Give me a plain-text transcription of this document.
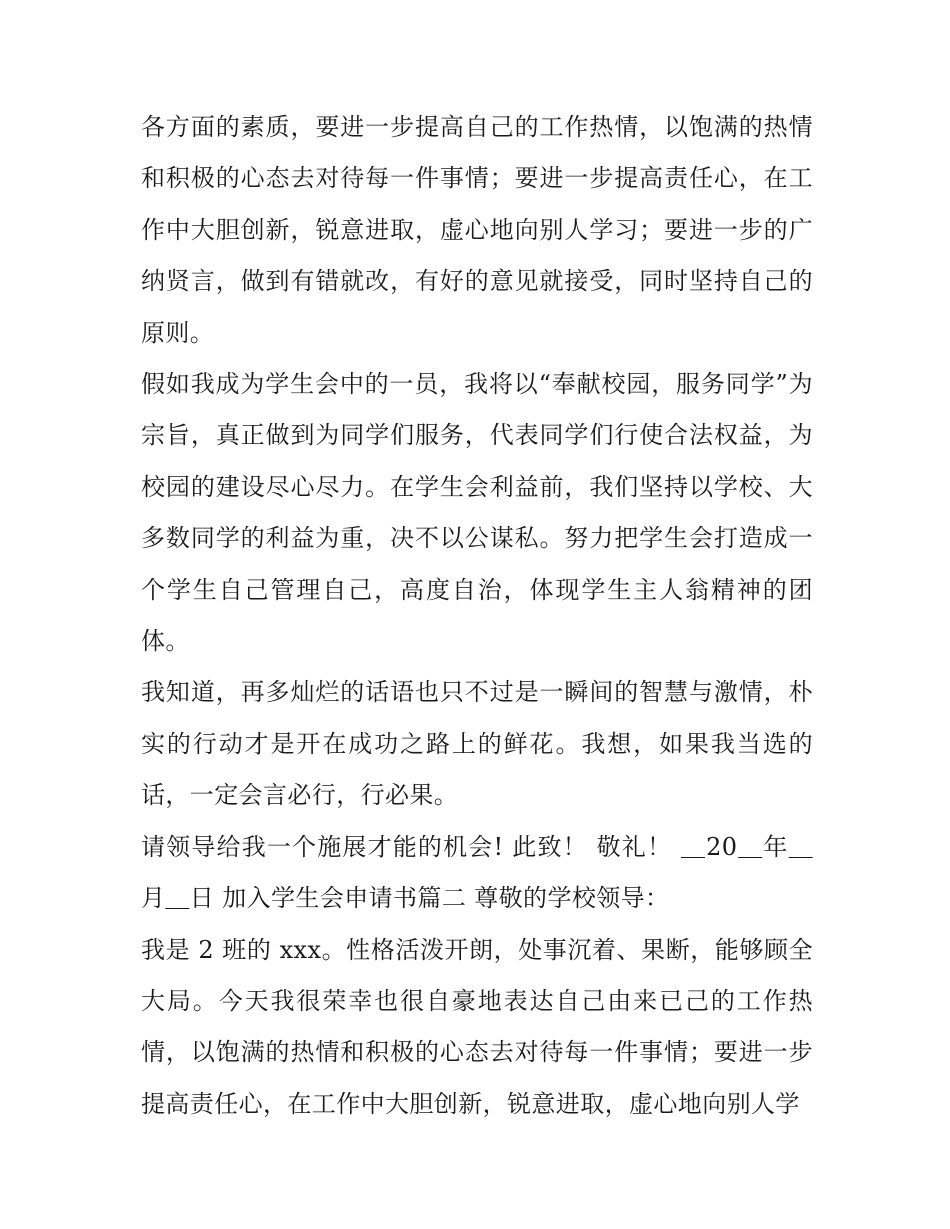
各方面的素质，要进一步提高自己的工作热情，以饱满的热情和积极的心态去对待每一件事情；要进一步提高责任心，在工作中大胆创新，锐意进取，虚心地向别人学习；要进一步的广纳贤言，做到有错就改，有好的意见就接受，同时坚持自己的原则。

假如我成为学生会中的一员，我将以“奉献校园，服务同学”为宗旨，真正做到为同学们服务，代表同学们行使合法权益，为校园的建设尽心尽力。在学生会利益前，我们坚持以学校、大多数同学的利益为重，决不以公谋私。努力把学生会打造成一个学生自己管理自己，高度自治，体现学生主人翁精神的团体。

我知道，再多灿烂的话语也只不过是一瞬间的智慧与激情，朴实的行动才是开在成功之路上的鲜花。我想，如果我当选的话，一定会言必行，行必果。

请领导给我一个施展才能的机会! 此致！ 敬礼！ ＿20＿年＿月＿日 加入学生会申请书篇二 尊敬的学校领导：

我是 2 班的 xxx。性格活泼开朗，处事沉着、果断，能够顾全大局。今天我很荣幸也很自豪地表达自己由来已己的工作热情，以饱满的热情和积极的心态去对待每一件事情；要进一步提高责任心，在工作中大胆创新，锐意进取，虚心地向别人学
